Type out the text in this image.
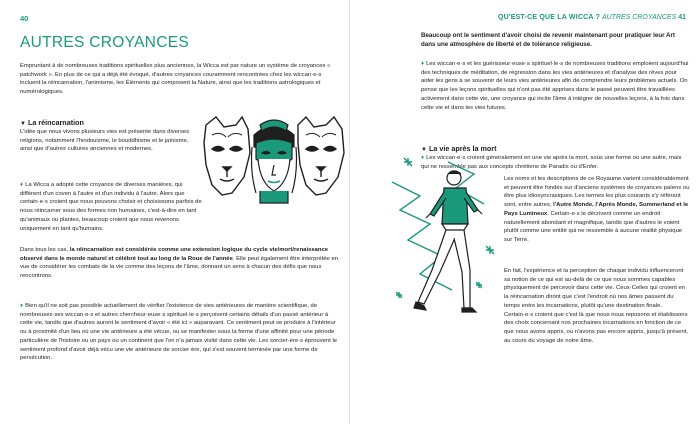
40
AUTRES CROYANCES

Empruntant à de nombreuses traditions spirituelles plus anciennes, la Wicca est par nature un système de croyances « patchwork ». En plus de ce qui a déjà été évoqué, d'autres croyances couramment rencontrées chez les wiccan·e·s incluent la réincarnation, l'animisme, les Éléments qui composent la Nature, ainsi que les traditions astrologiques et numérologiques.

▼ La réincarnation

L'idée que nous vivons plusieurs vies est présente dans diverses religions, notamment l'hindouisme, le bouddhisme et le jaïnisme, ainsi que d'autres cultures anciennes et modernes.

♦ La Wicca a adopté cette croyance de diverses manières, qui diffèrent d'un coven à l'autre et d'un individu à l'autre. Alors que certain·e·s croient que nous pouvons choisir et choisissons parfois de nous réincarner sous des formes non humaines, c'est-à-dire en tant qu'animaux ou plantes, beaucoup croient que nous revenons uniquement en tant qu'humains.

Dans tous les cas, la réincarnation est considérée comme une extension logique du cycle vie/mort/renaissance observé dans le monde naturel et célébré tout au long de la Roue de l'année. Elle peut également être interprétée en vue de considérer les combats de la vie comme des leçons de l'âme, donnant un sens à chacun des défis que nous rencontrons.

♦ Bien qu'il ne soit pas possible actuellement de vérifier l'existence de vies antérieures de manière scientifique, de nombreuses·ses wiccan·e·s et autres chercheur·euse·s spirituel·le·s perçoivent certains détails d'un passé antérieur à cette vie, tandis que d'autres auront le sentiment d'avoir « été ici » auparavant. Ce sentiment peut se produire à l'intérieur ou à proximité d'un lieu où une vie antérieure a été vécue, ou se manifester sous la forme d'une affinité pour une période particulière de l'histoire ou un pays ou un continent que l'on n'a jamais visité dans cette vie. Les sorcier·ère·s éprouvent le sentiment profond d'avoir déjà vécu une vie antérieure de sorcier·ère, qui s'est souvent terminée par une forme de persécution.

QU'EST-CE QUE LA WICCA ? AUTRES CROYANCES 41

Beaucoup ont le sentiment d'avoir choisi de revenir maintenant pour pratiquer leur Art dans une atmosphère de liberté et de tolérance religieuse.

♦ Les wiccan·e·s et les guérisseur·euse·s spirituel·le·s de nombreuses traditions emploient aujourd'hui des techniques de méditation, de régression dans les vies antérieures et d'analyse des rêves pour aider les gens à se souvenir de leurs vies antérieures afin de comprendre leurs problèmes actuels. On pense que les leçons spirituelles qui n'ont pas été apprises dans le passé peuvent être travaillées activement dans cette vie, une croyance qui incite l'âme à intégrer de nouvelles leçons, à la fois dans cette vie et dans les vies futures.

▼ La vie après la mort

♦ Les wiccan·e·s croient généralement en une vie après la mort, sous une forme ou une autre, mais qui ne ressemble pas aux concepts chrétiens de Paradis ou d'Enfer.

Les noms et les descriptions de ce Royaume varient considérablement et peuvent être fondés sur d'anciens systèmes de croyances païens ou être plus idiosyncrasiques. Les termes les plus courants s'y référant sont, entre autres, l'Autre Monde, l'Après Monde, Summerland et le Pays Lumineux. Certain·e·s le décrivent comme un endroit naturellement abondant et magnifique, tandis que d'autres le voient plutôt comme une entité qui ne ressemble à aucune réalité physique sur Terre.

En fait, l'expérience et la perception de chaque individu influenceront sa notion de ce qui est au-delà de ce que nous sommes capables physiquement de percevoir dans cette vie. Ceux·Celles qui croient en la réincarnation diront que c'est l'endroit où nos âmes passent du temps entre les incarnations, plutôt qu'une destination finale. Certain·e·s croient que c'est là que nous nous reposons et établissons des choix concernant nos prochaines incarnations en fonction de ce que nous avons appris, ou n'avons pas encore appris, jusqu'à présent, au cours du voyage de notre âme.
